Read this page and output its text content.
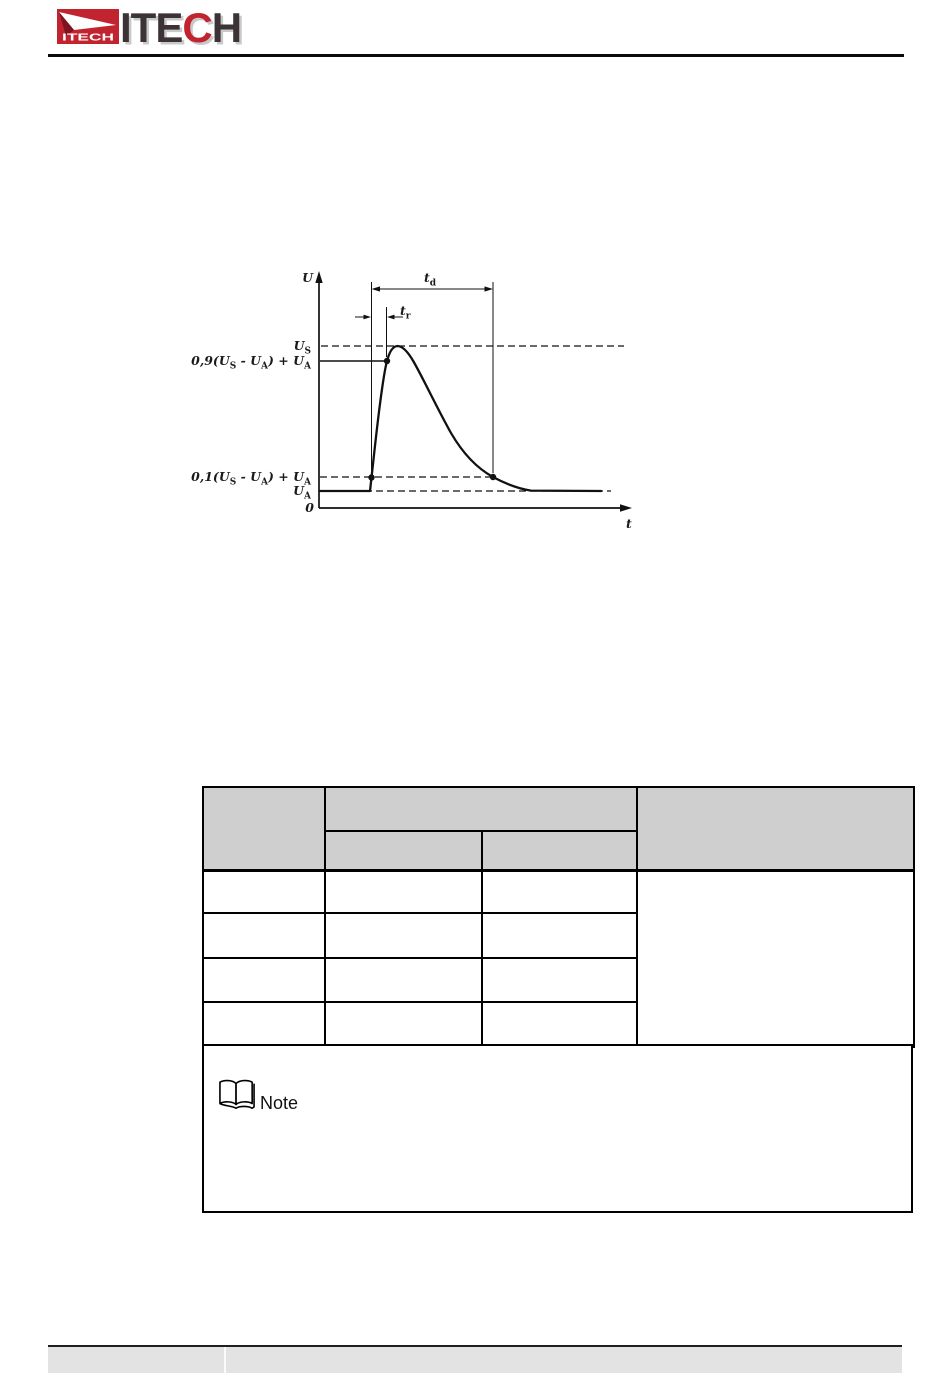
ITECH ITECH
U
t
$U_S$
$0,9(U_S - U_A) + U_A$
$0,1(U_S - U_A) + U_A$
$U_A$
0
$t_d$
$t_r$

Note
